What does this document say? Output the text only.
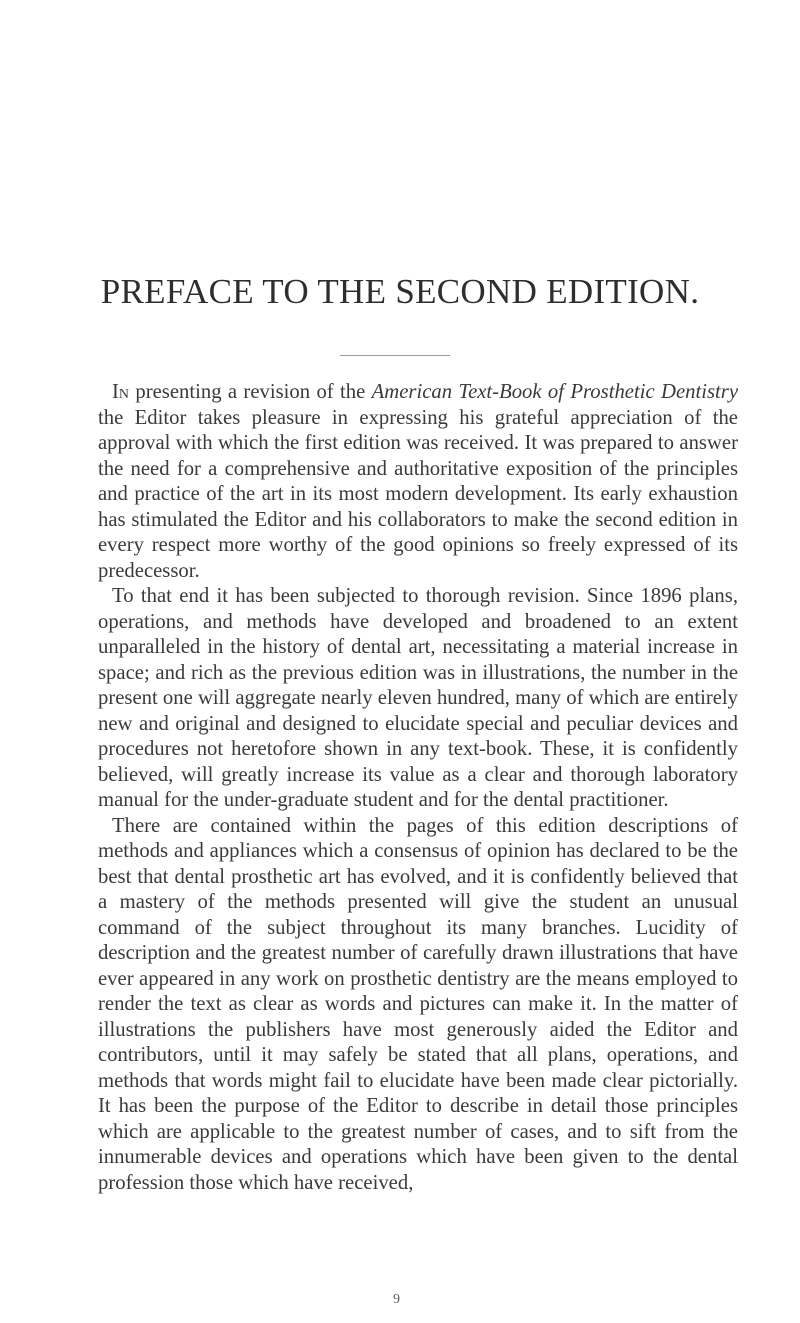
PREFACE TO THE SECOND EDITION.

In presenting a revision of the American Text-Book of Prosthetic Dentistry the Editor takes pleasure in expressing his grateful appreciation of the approval with which the first edition was received. It was prepared to answer the need for a comprehensive and authoritative exposition of the principles and practice of the art in its most modern development. Its early exhaustion has stimulated the Editor and his collaborators to make the second edition in every respect more worthy of the good opinions so freely expressed of its predecessor.

To that end it has been subjected to thorough revision. Since 1896 plans, operations, and methods have developed and broadened to an extent unparalleled in the history of dental art, necessitating a material increase in space; and rich as the previous edition was in illustrations, the number in the present one will aggregate nearly eleven hundred, many of which are entirely new and original and designed to elucidate special and peculiar devices and procedures not heretofore shown in any text-book. These, it is confidently believed, will greatly increase its value as a clear and thorough laboratory manual for the under-graduate student and for the dental practitioner.

There are contained within the pages of this edition descriptions of methods and appliances which a consensus of opinion has declared to be the best that dental prosthetic art has evolved, and it is confidently believed that a mastery of the methods presented will give the student an unusual command of the subject throughout its many branches. Lucidity of description and the greatest number of carefully drawn illustrations that have ever appeared in any work on prosthetic dentistry are the means employed to render the text as clear as words and pictures can make it. In the matter of illustrations the publishers have most generously aided the Editor and contributors, until it may safely be stated that all plans, operations, and methods that words might fail to elucidate have been made clear pictorially. It has been the purpose of the Editor to describe in detail those principles which are applicable to the greatest number of cases, and to sift from the innumerable devices and operations which have been given to the dental profession those which have received,

9
